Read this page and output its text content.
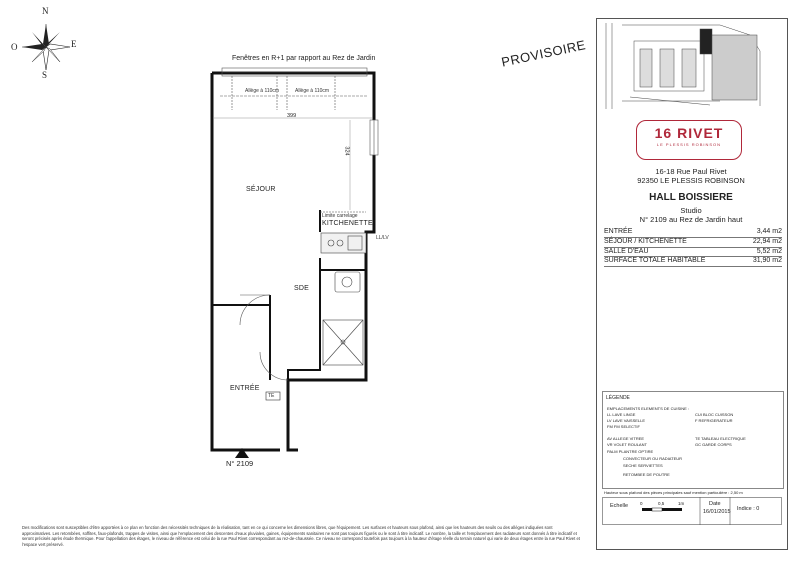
N
S
E
O
Fenêtres en R+1 par rapport au Rez de Jardin	PROVISOIRE
Allège à 110cm	Allège à 110cm
399
324
SÉJOUR
Limite carrelage
KITCHENETTE
LL/LV
SDE
ENTRÉE
TE
N° 2109
16 RIVET
LE PLESSIS ROBINSON
16-18 Rue Paul Rivet
92350 LE PLESSIS ROBINSON
HALL BOISSIERE
Studio
N° 2109 au Rez de Jardin haut
ENTRÉE	3,44 m2
SÉJOUR / KITCHENETTE	22,94 m2
SALLE D'EAU	5,52 m2
SURFACE TOTALE HABITABLE	31,90 m2
LÉGENDE
EMPLACEMENTS ELEMENTS DE CUISINE :
LL LAVE LINGE
LV LAVE VAISSELLE
FM FM SELECTIF
AV ALLEGE VITREE
VR VOLET ROULANT
PALM PLANTRE OPTIRE
CONVECTEUR OU RADIATEUR
SECHE SERVIETTES
RETOMBEE DE POUTRE
CUI BLOC CUISSON
F REFRIGERATEUR
TE TABLEAU ELECTRIQUE
GC GARDE CORPS
Hauteur sous plafond des pièces principales sauf mention particulière : 2,50 m
Echelle	0	0,5	1m	Date
16/01/2015 Indice : 0
Des modifications sont susceptibles d'être apportées à ce plan en fonction des nécessités techniques de la réalisation, tant en ce qui concerne les dimensions libres, que l'équipement. Les surfaces et hauteurs sous plafond, ainsi que les hauteurs des seuils ou des allèges indiquées sont approximatives. Les retombées, soffites, faux-plafonds, trappes de visites, ainsi que l'emplacement des descentes d'eaux pluviales, gaines, équipements sanitaires ne sont pas toujours figurés ou le sont à titre indicatif. Le nombre, la taille et l'emplacement des radiateurs sont donnés à titre indicatif et seront précisés après étude thermique. Pour l'appellation des étages, le niveau de référence est celui de la rue Paul Rivet correspondant au rez-de-chaussée. Ce niveau ne correspond toutefois pas toujours à la hauteur d'étage réelle du terrain naturel qui varie de deux étages entre la rue Paul Rivet et l'espace vert préservé.
